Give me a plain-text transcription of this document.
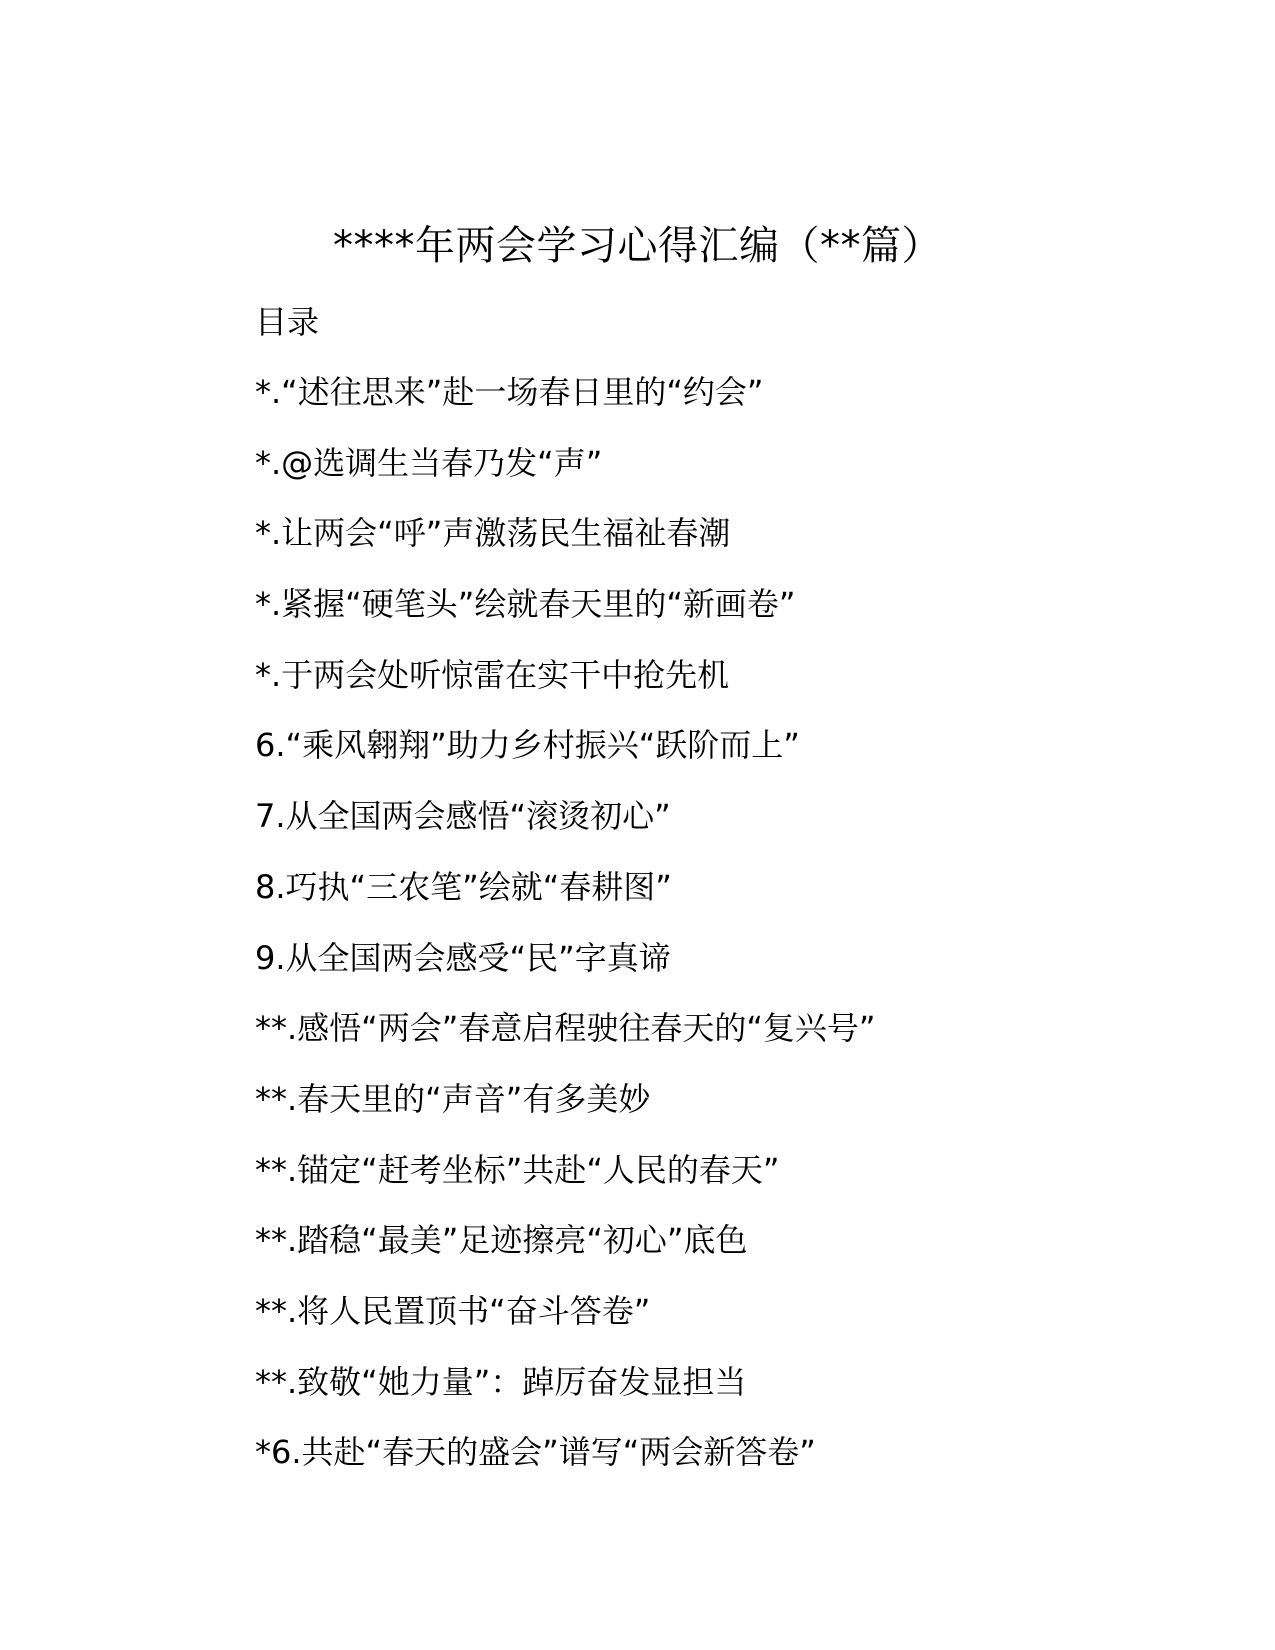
****年两会学习心得汇编（**篇）
目录
*.“述往思来”赴一场春日里的“约会”
*.@选调生当春乃发“声”
*.让两会“呼”声激荡民生福祉春潮
*.紧握“硬笔头”绘就春天里的“新画卷”
*.于两会处听惊雷在实干中抢先机
6.“乘风翱翔”助力乡村振兴“跃阶而上”
7.从全国两会感悟“滚烫初心”
8.巧执“三农笔”绘就“春耕图”
9.从全国两会感受“民”字真谛
**.感悟“两会”春意启程驶往春天的“复兴号”
**.春天里的“声音”有多美妙
**.锚定“赶考坐标”共赴“人民的春天”
**.踏稳“最美”足迹擦亮“初心”底色
**.将人民置顶书“奋斗答卷”
**.致敬“她力量”：踔厉奋发显担当
*6.共赴“春天的盛会”谱写“两会新答卷”
